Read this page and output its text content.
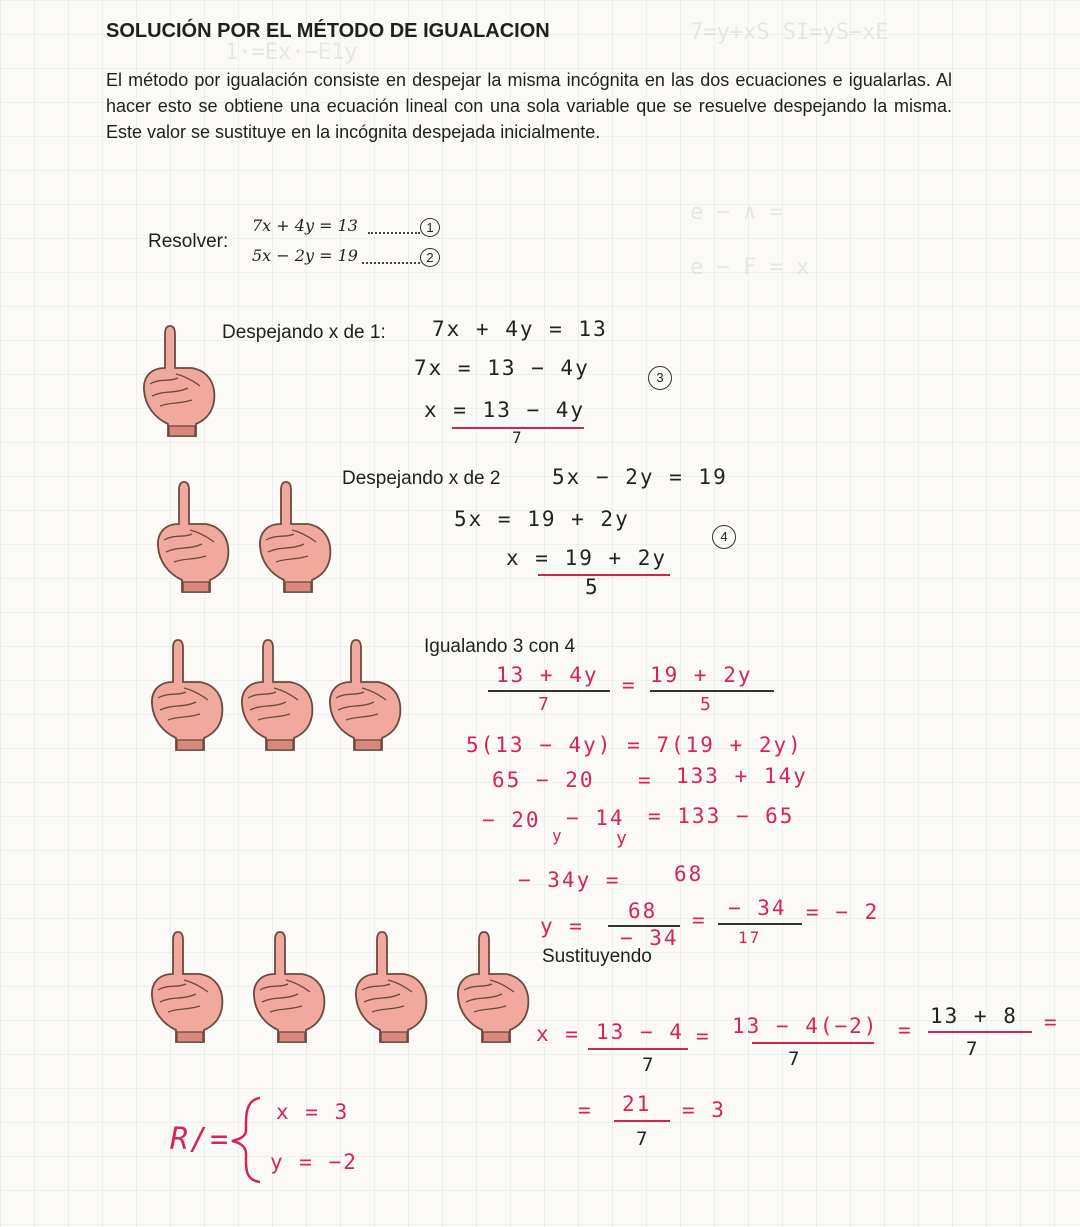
1·=Ex·−E1y
7=y+xS SI=yS−xE
e − ∧ =
e − F = x
SOLUCIÓN POR EL MÉTODO DE IGUALACION
El método por igualación consiste en despejar la misma incógnita en las dos ecuaciones e igualarlas. Al hacer esto se obtiene una ecuación lineal con una sola variable que se resuelve despejando la misma. Este valor se sustituye en la incógnita despejada inicialmente.
Resolver:
7x + 4y = 13	1
5x − 2y = 19	2
Despejando x de 1: 7x + 4y = 13
7x = 13 − 4y	3
x = 13 − 4y
7
Despejando x de 2 5x − 2y = 19
5x = 19 + 2y
4
x = 19 + 2y
5
Igualando 3 con 4
13 + 4y
7
= 19 + 2y
5
5(13 − 4y) = 7(19 + 2y)
65 − 20 = 133 + 14y
− 20
y
− 14
y
= 133 − 65
− 34y =	68
y =
68
− 34
= − 34
17
= − 2
Sustituyendo
x = 13 − 4
7
= 13 − 4(−2)
7
=
13 + 8
7
=
= 21
7
= 3
R/=
x = 3
y = −2
